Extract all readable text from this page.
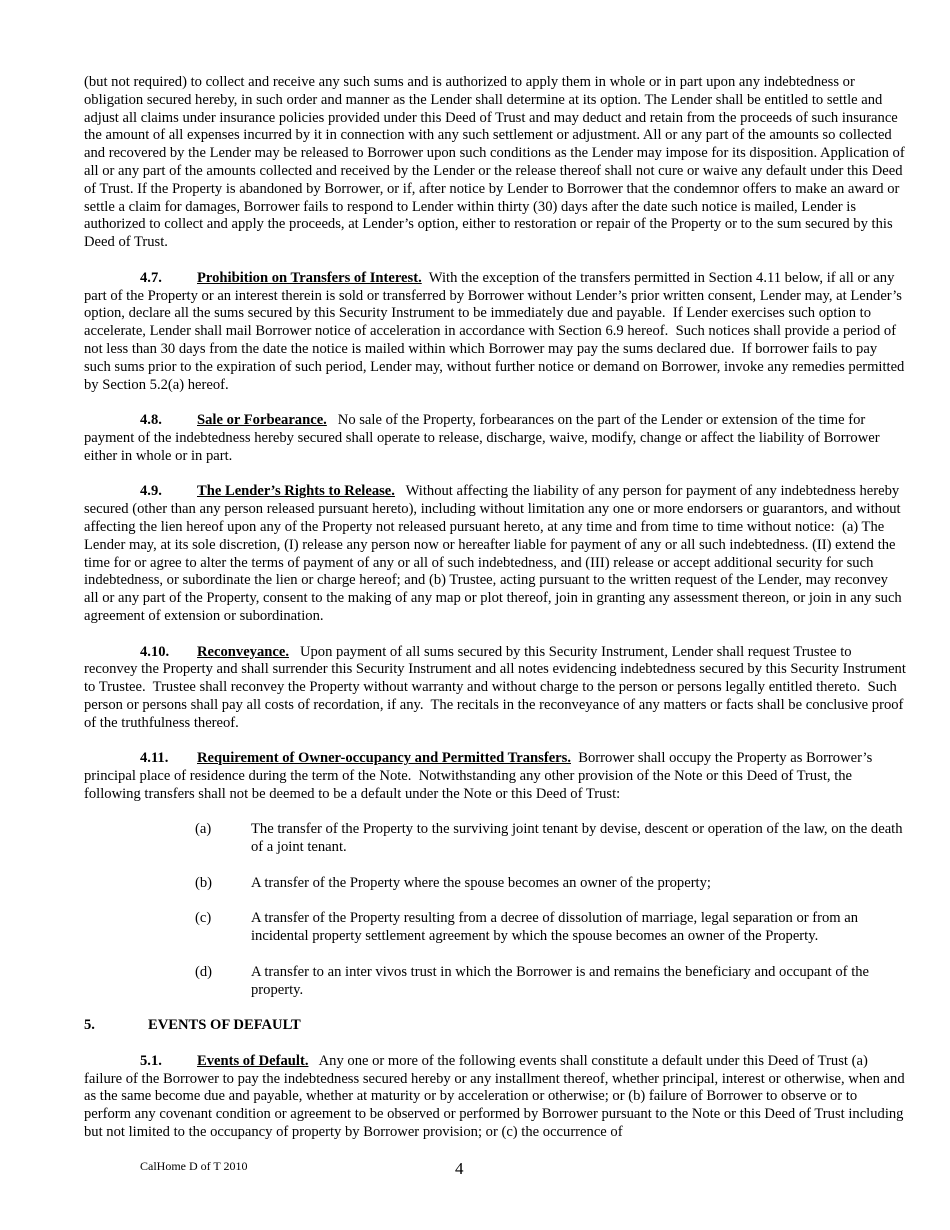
(but not required) to collect and receive any such sums and is authorized to apply them in whole or in part upon any indebtedness or obligation secured hereby, in such order and manner as the Lender shall determine at its option. The Lender shall be entitled to settle and adjust all claims under insurance policies provided under this Deed of Trust and may deduct and retain from the proceeds of such insurance the amount of all expenses incurred by it in connection with any such settlement or adjustment. All or any part of the amounts so collected and recovered by the Lender may be released to Borrower upon such conditions as the Lender may impose for its disposition. Application of all or any part of the amounts collected and received by the Lender or the release thereof shall not cure or waive any default under this Deed of Trust. If the Property is abandoned by Borrower, or if, after notice by Lender to Borrower that the condemnor offers to make an award or settle a claim for damages, Borrower fails to respond to Lender within thirty (30) days after the date such notice is mailed, Lender is authorized to collect and apply the proceeds, at Lender’s option, either to restoration or repair of the Property or to the sum secured by this Deed of Trust.

4.7. Prohibition on Transfers of Interest.  With the exception of the transfers permitted in Section 4.11 below, if all or any part of the Property or an interest therein is sold or transferred by Borrower without Lender’s prior written consent, Lender may, at Lender’s option, declare all the sums secured by this Security Instrument to be immediately due and payable.  If Lender exercises such option to accelerate, Lender shall mail Borrower notice of acceleration in accordance with Section 6.9 hereof.  Such notices shall provide a period of not less than 30 days from the date the notice is mailed within which Borrower may pay the sums declared due.  If borrower fails to pay such sums prior to the expiration of such period, Lender may, without further notice or demand on Borrower, invoke any remedies permitted by Section 5.2(a) hereof.

4.8. Sale or Forbearance.   No sale of the Property, forbearances on the part of the Lender or extension of the time for payment of the indebtedness hereby secured shall operate to release, discharge, waive, modify, change or affect the liability of Borrower either in whole or in part.

4.9. The Lender’s Rights to Release.   Without affecting the liability of any person for payment of any indebtedness hereby secured (other than any person released pursuant hereto), including without limitation any one or more endorsers or guarantors, and without affecting the lien hereof upon any of the Property not released pursuant hereto, at any time and from time to time without notice:  (a) The Lender may, at its sole discretion, (I) release any person now or hereafter liable for payment of any or all such indebtedness. (II) extend the time for or agree to alter the terms of payment of any or all of such indebtedness, and (III) release or accept additional security for such indebtedness, or subordinate the lien or charge hereof; and (b) Trustee, acting pursuant to the written request of the Lender, may reconvey all or any part of the Property, consent to the making of any map or plot thereof, join in granting any assessment thereon, or join in any such agreement of extension or subordination.

4.10. Reconveyance.   Upon payment of all sums secured by this Security Instrument, Lender shall request Trustee to reconvey the Property and shall surrender this Security Instrument and all notes evidencing indebtedness secured by this Security Instrument to Trustee.  Trustee shall reconvey the Property without warranty and without charge to the person or persons legally entitled thereto.  Such person or persons shall pay all costs of recordation, if any.  The recitals in the reconveyance of any matters or facts shall be conclusive proof of the truthfulness thereof.

4.11. Requirement of Owner-occupancy and Permitted Transfers.  Borrower shall occupy the Property as Borrower’s principal place of residence during the term of the Note.  Notwithstanding any other provision of the Note or this Deed of Trust, the following transfers shall not be deemed to be a default under the Note or this Deed of Trust:

(a)	The transfer of the Property to the surviving joint tenant by devise, descent or operation of the law, on the death of a joint tenant.
(b)	A transfer of the Property where the spouse becomes an owner of the property;
(c)	A transfer of the Property resulting from a decree of dissolution of marriage, legal separation or from an incidental property settlement agreement by which the spouse becomes an owner of the Property.
(d)	A transfer to an inter vivos trust in which the Borrower is and remains the beneficiary and occupant of the property.
5.	EVENTS OF DEFAULT

5.1. Events of Default.   Any one or more of the following events shall constitute a default under this Deed of Trust (a) failure of the Borrower to pay the indebtedness secured hereby or any installment thereof, whether principal, interest or otherwise, when and as the same become due and payable, whether at maturity or by acceleration or otherwise; or (b) failure of Borrower to observe or to perform any covenant condition or agreement to be observed or performed by Borrower pursuant to the Note or this Deed of Trust including but not limited to the occupancy of property by Borrower provision; or (c) the occurrence of

CalHome D of T 2010	4
